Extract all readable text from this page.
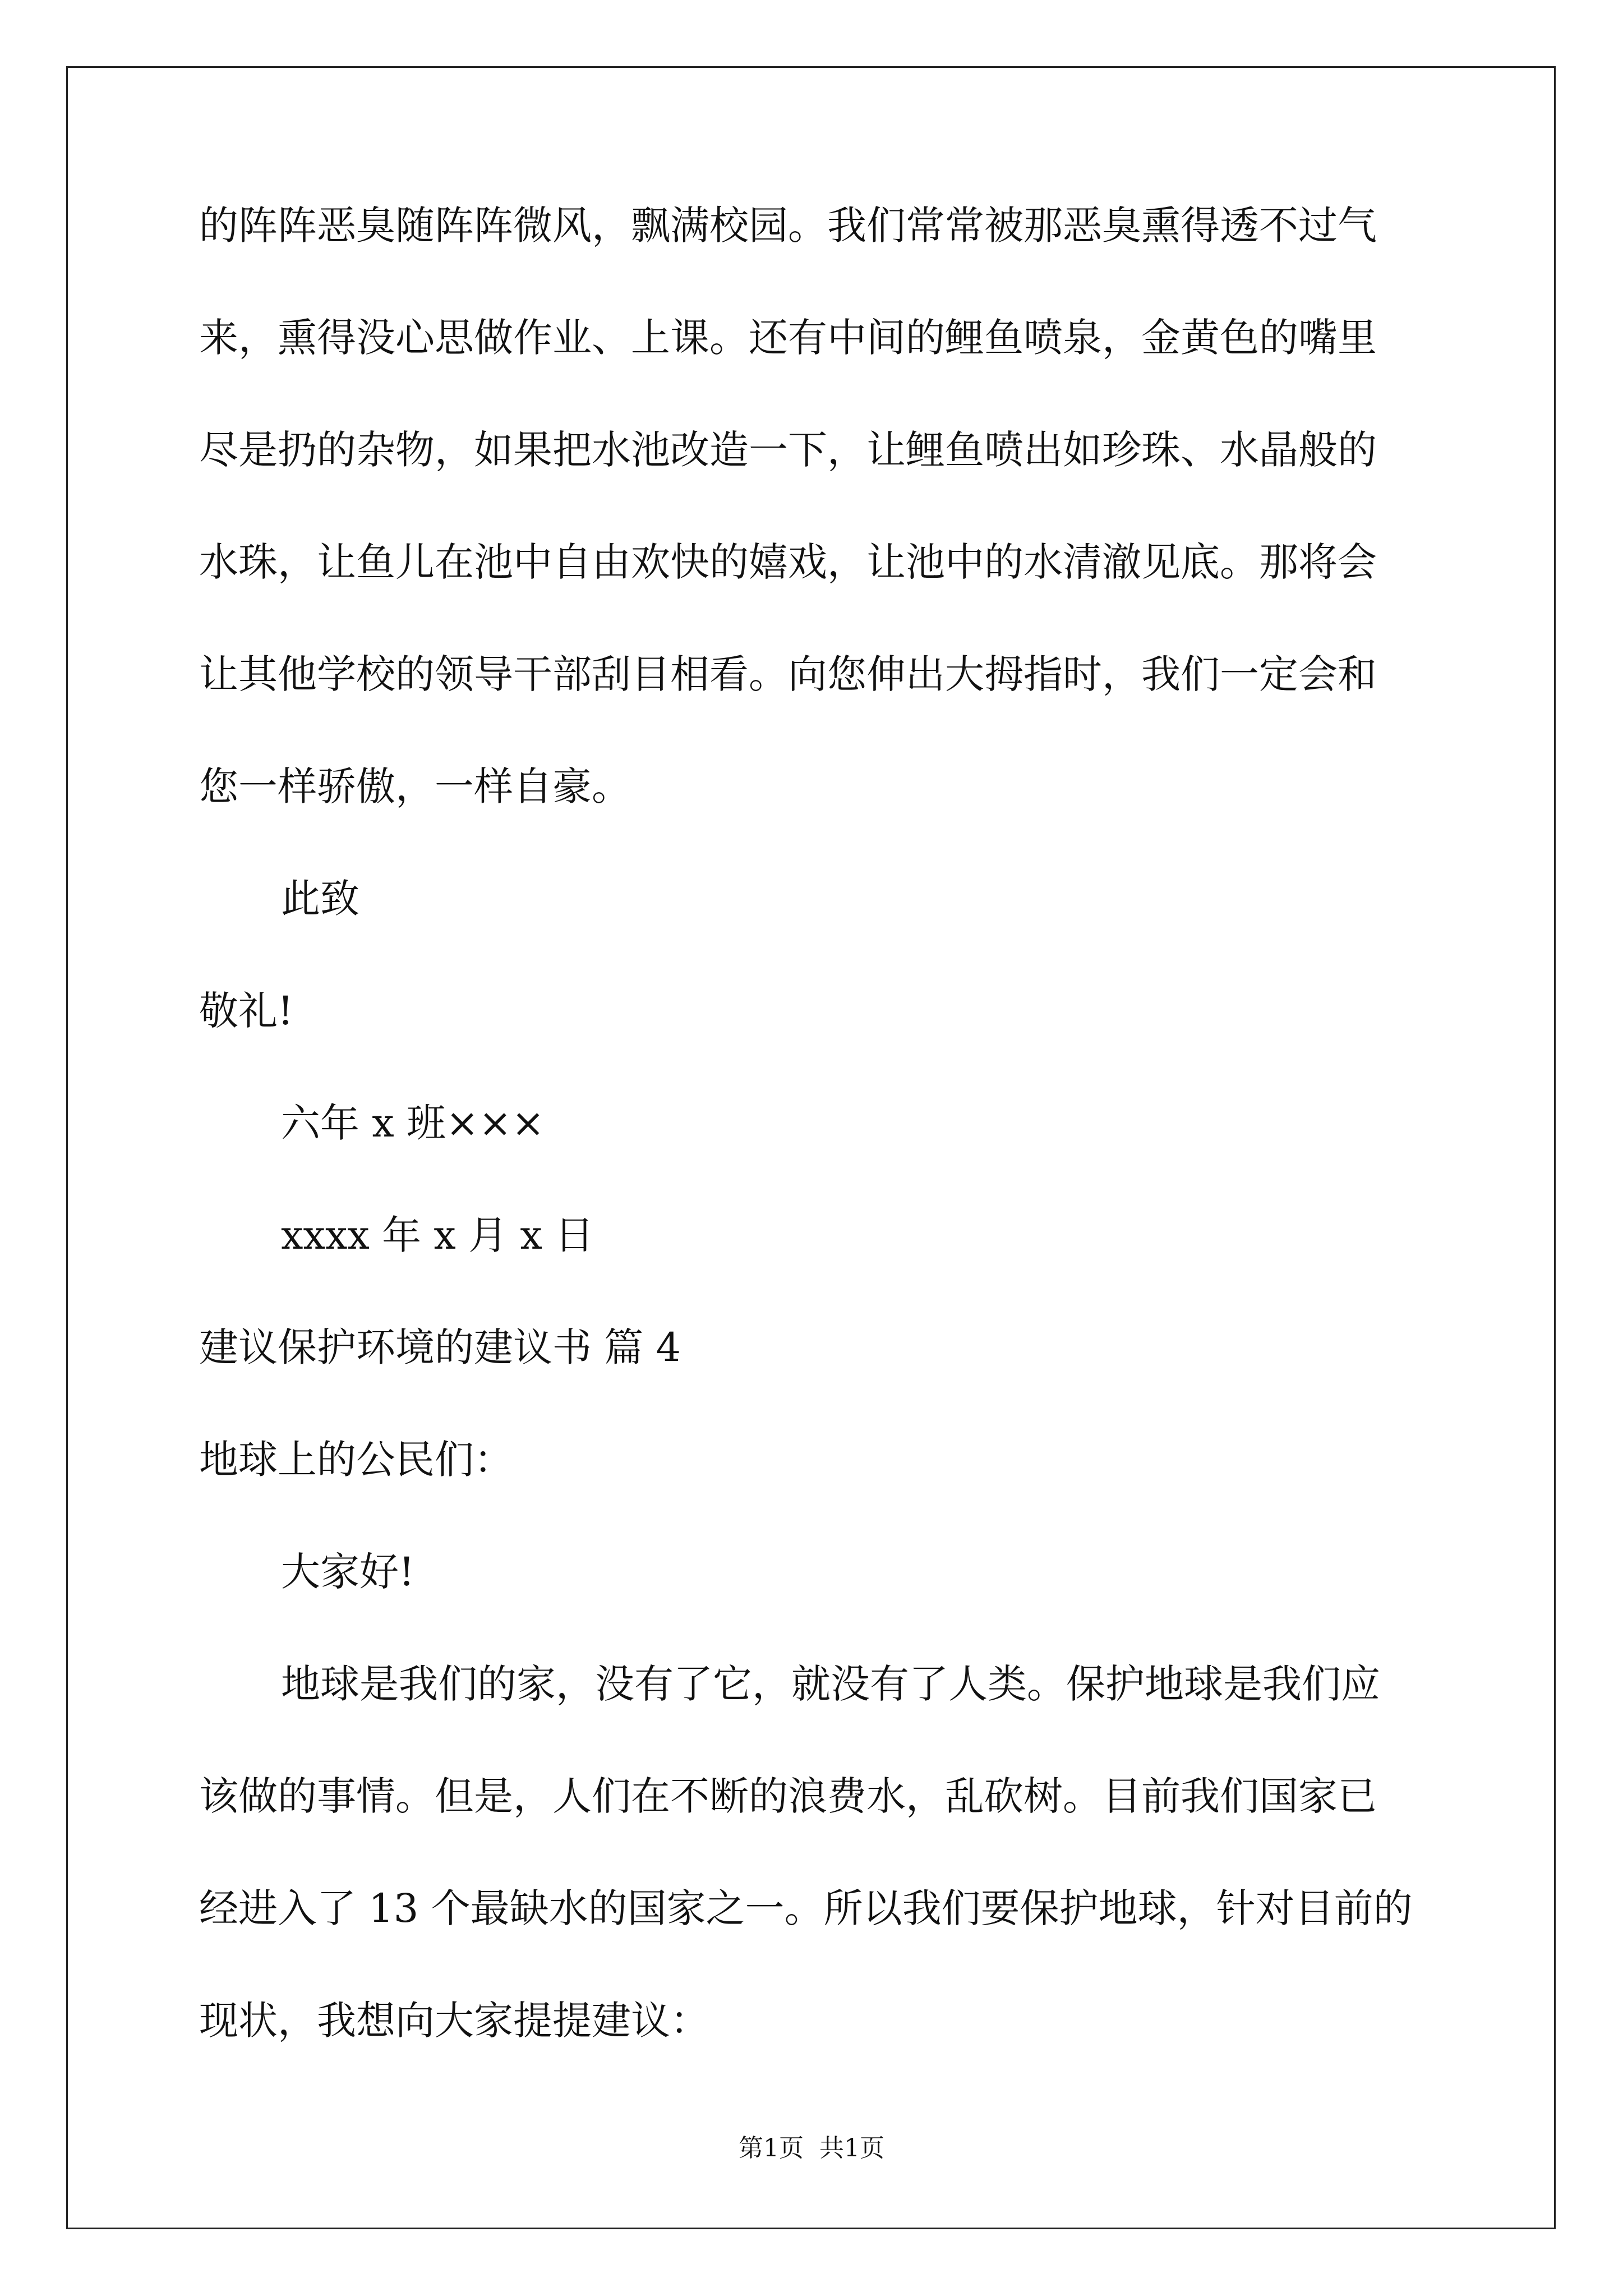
的阵阵恶臭随阵阵微风，飘满校园。我们常常被那恶臭熏得透不过气
来，熏得没心思做作业、上课。还有中间的鲤鱼喷泉，金黄色的嘴里
尽是扔的杂物，如果把水池改造一下，让鲤鱼喷出如珍珠、水晶般的
水珠，让鱼儿在池中自由欢快的嬉戏，让池中的水清澈见底。那将会
让其他学校的领导干部刮目相看。向您伸出大拇指时，我们一定会和
您一样骄傲，一样自豪。
此致
敬礼!
六年 x 班×××
xxxx 年 x 月 x 日
建议保护环境的建议书 篇 4
地球上的公民们：
大家好!
地球是我们的家，没有了它，就没有了人类。保护地球是我们应
该做的事情。但是，人们在不断的浪费水，乱砍树。目前我们国家已
经进入了 13 个最缺水的国家之一。所以我们要保护地球，针对目前的
现状，我想向大家提提建议：
第1页 共1页
